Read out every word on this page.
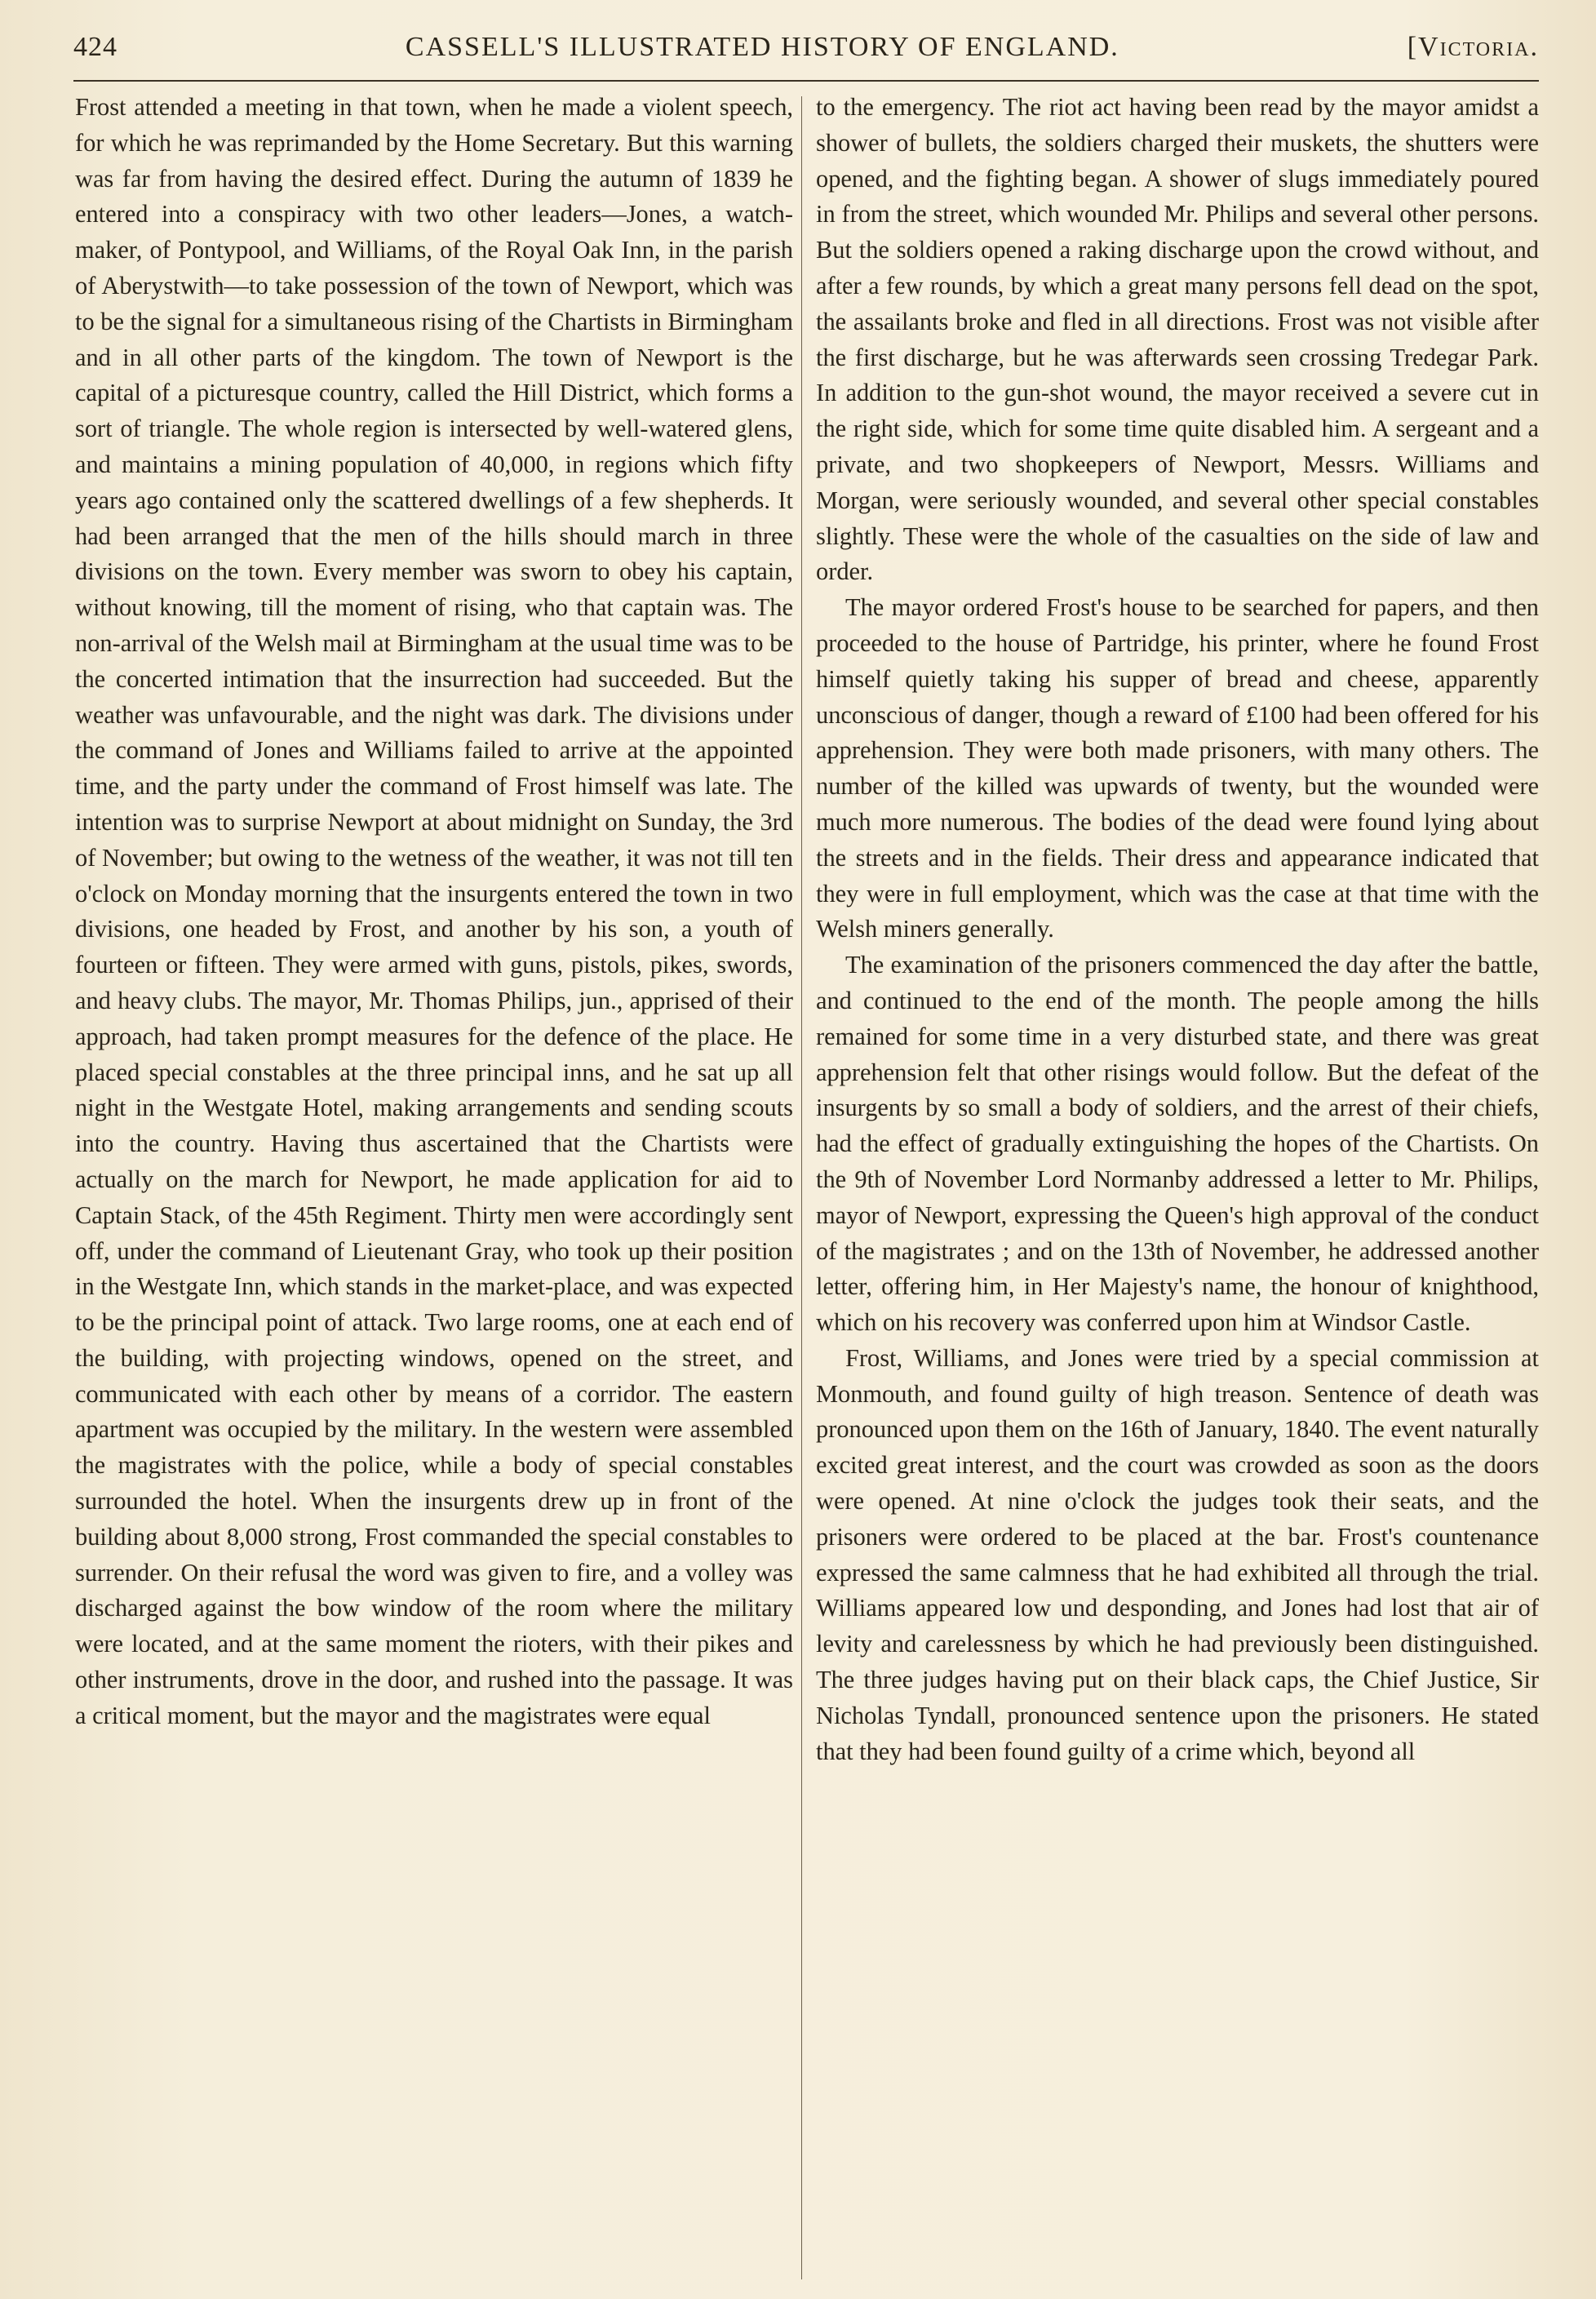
424	CASSELL'S ILLUSTRATED HISTORY OF ENGLAND.	[Victoria.

Frost attended a meeting in that town, when he made a violent speech, for which he was reprimanded by the Home Secretary. But this warning was far from having the desired effect. During the autumn of 1839 he entered into a conspiracy with two other leaders—Jones, a watch-maker, of Pontypool, and Williams, of the Royal Oak Inn, in the parish of Aberystwith—to take possession of the town of Newport, which was to be the signal for a simultaneous rising of the Chartists in Birmingham and in all other parts of the kingdom. The town of Newport is the capital of a picturesque country, called the Hill District, which forms a sort of triangle. The whole region is intersected by well-watered glens, and maintains a mining population of 40,000, in regions which fifty years ago contained only the scattered dwellings of a few shepherds. It had been arranged that the men of the hills should march in three divisions on the town. Every member was sworn to obey his captain, without knowing, till the moment of rising, who that captain was. The non-arrival of the Welsh mail at Birmingham at the usual time was to be the concerted intimation that the insurrection had succeeded. But the weather was unfavourable, and the night was dark. The divisions under the command of Jones and Williams failed to arrive at the appointed time, and the party under the command of Frost himself was late. The intention was to surprise Newport at about midnight on Sunday, the 3rd of November; but owing to the wetness of the weather, it was not till ten o'clock on Monday morning that the insurgents entered the town in two divisions, one headed by Frost, and another by his son, a youth of fourteen or fifteen. They were armed with guns, pistols, pikes, swords, and heavy clubs. The mayor, Mr. Thomas Philips, jun., apprised of their approach, had taken prompt measures for the defence of the place. He placed special constables at the three principal inns, and he sat up all night in the Westgate Hotel, making arrangements and sending scouts into the country. Having thus ascertained that the Chartists were actually on the march for Newport, he made application for aid to Captain Stack, of the 45th Regiment. Thirty men were accordingly sent off, under the command of Lieutenant Gray, who took up their position in the Westgate Inn, which stands in the market-place, and was expected to be the principal point of attack. Two large rooms, one at each end of the building, with projecting windows, opened on the street, and communicated with each other by means of a corridor. The eastern apartment was occupied by the military. In the western were assembled the magistrates with the police, while a body of special constables surrounded the hotel. When the insurgents drew up in front of the building about 8,000 strong, Frost commanded the special constables to surrender. On their refusal the word was given to fire, and a volley was discharged against the bow window of the room where the military were located, and at the same moment the rioters, with their pikes and other instruments, drove in the door, and rushed into the passage. It was a critical moment, but the mayor and the magistrates were equal

to the emergency. The riot act having been read by the mayor amidst a shower of bullets, the soldiers charged their muskets, the shutters were opened, and the fighting began. A shower of slugs immediately poured in from the street, which wounded Mr. Philips and several other persons. But the soldiers opened a raking discharge upon the crowd without, and after a few rounds, by which a great many persons fell dead on the spot, the assailants broke and fled in all directions. Frost was not visible after the first discharge, but he was afterwards seen crossing Tredegar Park. In addition to the gun-shot wound, the mayor received a severe cut in the right side, which for some time quite disabled him. A sergeant and a private, and two shopkeepers of Newport, Messrs. Williams and Morgan, were seriously wounded, and several other special constables slightly. These were the whole of the casualties on the side of law and order.

The mayor ordered Frost's house to be searched for papers, and then proceeded to the house of Partridge, his printer, where he found Frost himself quietly taking his supper of bread and cheese, apparently unconscious of danger, though a reward of £100 had been offered for his apprehension. They were both made prisoners, with many others. The number of the killed was upwards of twenty, but the wounded were much more numerous. The bodies of the dead were found lying about the streets and in the fields. Their dress and appearance indicated that they were in full employment, which was the case at that time with the Welsh miners generally.

The examination of the prisoners commenced the day after the battle, and continued to the end of the month. The people among the hills remained for some time in a very disturbed state, and there was great apprehension felt that other risings would follow. But the defeat of the insurgents by so small a body of soldiers, and the arrest of their chiefs, had the effect of gradually extinguishing the hopes of the Chartists. On the 9th of November Lord Normanby addressed a letter to Mr. Philips, mayor of Newport, expressing the Queen's high approval of the conduct of the magistrates ; and on the 13th of November, he addressed another letter, offering him, in Her Majesty's name, the honour of knighthood, which on his recovery was conferred upon him at Windsor Castle.

Frost, Williams, and Jones were tried by a special commission at Monmouth, and found guilty of high treason. Sentence of death was pronounced upon them on the 16th of January, 1840. The event naturally excited great interest, and the court was crowded as soon as the doors were opened. At nine o'clock the judges took their seats, and the prisoners were ordered to be placed at the bar. Frost's countenance expressed the same calmness that he had exhibited all through the trial. Williams appeared low und desponding, and Jones had lost that air of levity and carelessness by which he had previously been distinguished. The three judges having put on their black caps, the Chief Justice, Sir Nicholas Tyndall, pronounced sentence upon the prisoners. He stated that they had been found guilty of a crime which, beyond all
